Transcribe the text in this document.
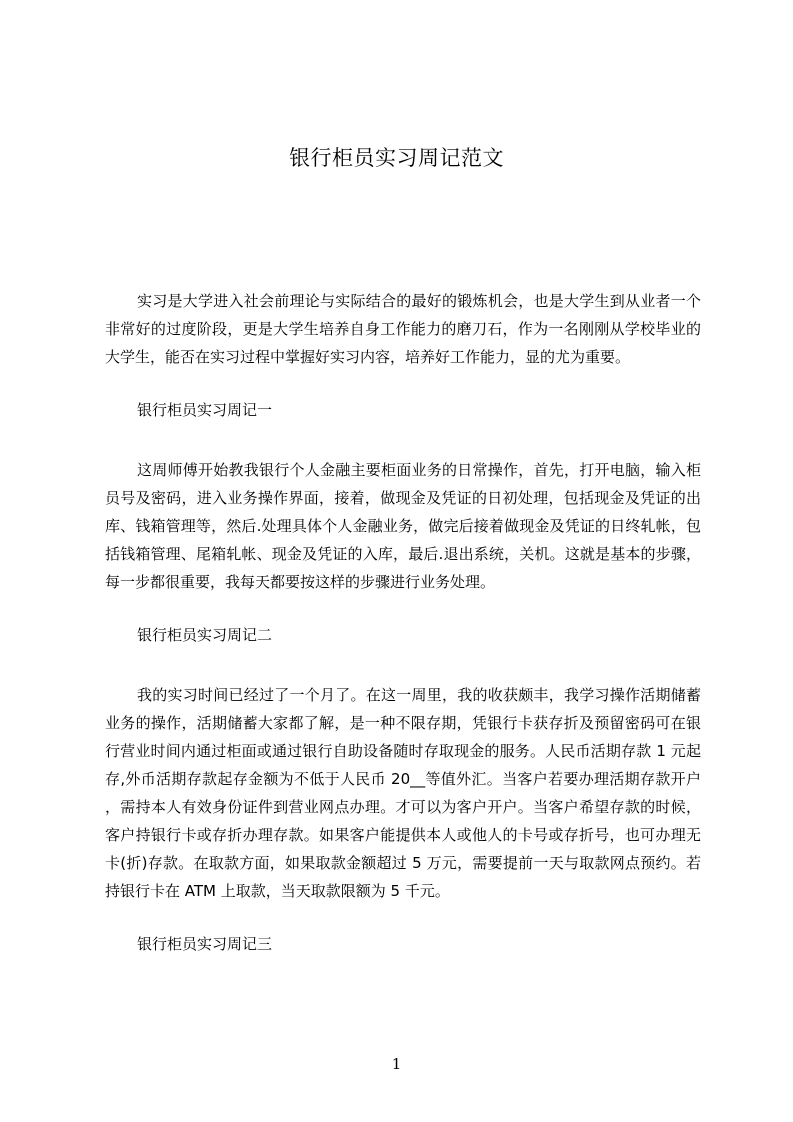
银行柜员实习周记范文

实习是大学进入社会前理论与实际结合的最好的锻炼机会，也是大学生到从业者一个非常好的过度阶段，更是大学生培养自身工作能力的磨刀石，作为一名刚刚从学校毕业的大学生，能否在实习过程中掌握好实习内容，培养好工作能力，显的尤为重要。

银行柜员实习周记一

这周师傅开始教我银行个人金融主要柜面业务的日常操作，首先，打开电脑，输入柜员号及密码，进入业务操作界面，接着，做现金及凭证的日初处理，包括现金及凭证的出库、钱箱管理等，然后.处理具体个人金融业务，做完后接着做现金及凭证的日终轧帐，包括钱箱管理、尾箱轧帐、现金及凭证的入库，最后.退出系统，关机。这就是基本的步骤，每一步都很重要，我每天都要按这样的步骤进行业务处理。

银行柜员实习周记二

我的实习时间已经过了一个月了。在这一周里，我的收获颇丰，我学习操作活期储蓄业务的操作，活期储蓄大家都了解，是一种不限存期，凭银行卡获存折及预留密码可在银行营业时间内通过柜面或通过银行自助设备随时存取现金的服务。人民币活期存款 1 元起存,外币活期存款起存金额为不低于人民币 20__等值外汇。当客户若要办理活期存款开户，需持本人有效身份证件到营业网点办理。才可以为客户开户。当客户希望存款的时候，客户持银行卡或存折办理存款。如果客户能提供本人或他人的卡号或存折号，也可办理无卡(折)存款。在取款方面，如果取款金额超过 5 万元，需要提前一天与取款网点预约。若持银行卡在 ATM 上取款，当天取款限额为 5 千元。

银行柜员实习周记三

1
